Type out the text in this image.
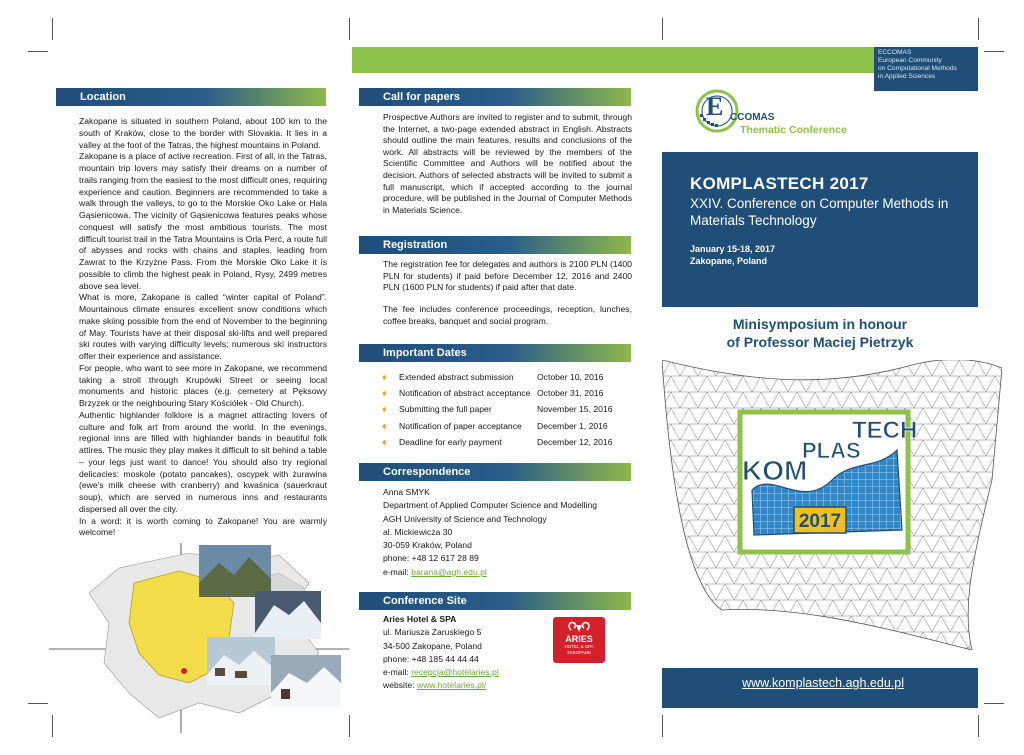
Location

Zakopane is situated in southern Poland, about 100 km to the south of Kraków, close to the border with Slovakia. It lies in a valley at the foot of the Tatras, the highest mountains in Poland.

Zakopane is a place of active recreation. First of all, in the Tatras, mountain trip lovers may satisfy their dreams on a number of trails ranging from the easiest to the most difficult ones, requiring experience and caution. Beginners are recommended to take a walk through the valleys, to go to the Morskie Oko Lake or Hala Gąsienicowa. The vicinity of Gąsienicowa features peaks whose conquest will satisfy the most ambitious tourists. The most difficult tourist trail in the Tatra Mountains is Orla Perć, a route full of abysses and rocks with chains and staples, leading from Zawrat to the Krzyżne Pass. From the Morskie Oko Lake it is possible to climb the highest peak in Poland, Rysy, 2499 metres above sea level.

What is more, Zakopane is called “winter capital of Poland”. Mountainous climate ensures excellent snow conditions which make skiing possible from the end of November to the beginning of May. Tourists have at their disposal ski-lifts and well prepared ski routes with varying difficulty levels; numerous ski instructors offer their experience and assistance.

For people, who want to see more in Zakopane, we recommend taking a stroll through Krupówki Street or seeing local monuments and historic places (e.g. cemetery at Pęksowy Brzyzek or the neighbouring Stary Kościółek - Old Church).

Authentic highlander folklore is a magnet attracting lovers of culture and folk art from around the world. In the evenings, regional inns are filled with highlander bands in beautiful folk attires. The music they play makes it difficult to sit behind a table – your legs just want to dance! You should also try regional delicacies: moskole (potato pancakes), oscypek with żurawina (ewe's milk cheese with cranberry) and kwaśnica (sauerkraut soup), which are served in numerous inns and restaurants dispersed all over the city.

In a word: it is worth coming to Zakopane! You are warmly welcome!

Call for papers
Prospective Authors are invited to register and to submit, through the Internet, a two-page extended abstract in English. Abstracts should outline the main features, results and conclusions of the work. All abstracts will be reviewed by the members of the Scientific Committee and Authors will be notified about the decision. Authors of selected abstracts will be invited to submit a full manuscript, which if accepted according to the journal procedure, will be published in the Journal of Computer Methods in Materials Science.
Registration
The registration fee for delegates and authors is 2100 PLN (1400 PLN for students) if paid before December 12, 2016 and 2400 PLN (1600 PLN for students) if paid after that date.
The fee includes conference proceedings, reception, lunches, coffee breaks, banquet and social program.
Important Dates
♦	Extended abstract submission	October 10, 2016
♦	Notification of abstract acceptance October 31, 2016
♦	Submitting the full paper	November 15, 2016
♦	Notification of paper acceptance	December 1, 2016
♦	Deadline for early payment	December 12, 2016
Correspondence
Anna SMYK
Department of Applied Computer Science and Modelling
AGH University of Science and Technology
al. Mickiewicza 30
30-059 Kraków, Poland
phone: +48 12 617 28 89
e-mail: barana@agh.edu.pl
Conference Site
Aries Hotel & SPA
ul. Mariusza Zaruskiego 5
34-500 Zakopane, Poland
phone: +48 185 44 44 44
e-mail: recepcja@hotelaries.pl
website: www.hotelaries.pl/
ARIES
HOTEL & SPA
ZAKOPANE
ECCOMAS
European Community
on Computational Methods
in Applied Sciences
E CCOMAS
Thematic Conference
KOMPLASTECH 2017
XXIV. Conference on Computer Methods in Materials Technology
January 15-18, 2017
Zakopane, Poland
Minisymposium in honour
of Professor Maciej Pietrzyk
KOM
PLAS
TECH
2017
www.komplastech.agh.edu.pl
